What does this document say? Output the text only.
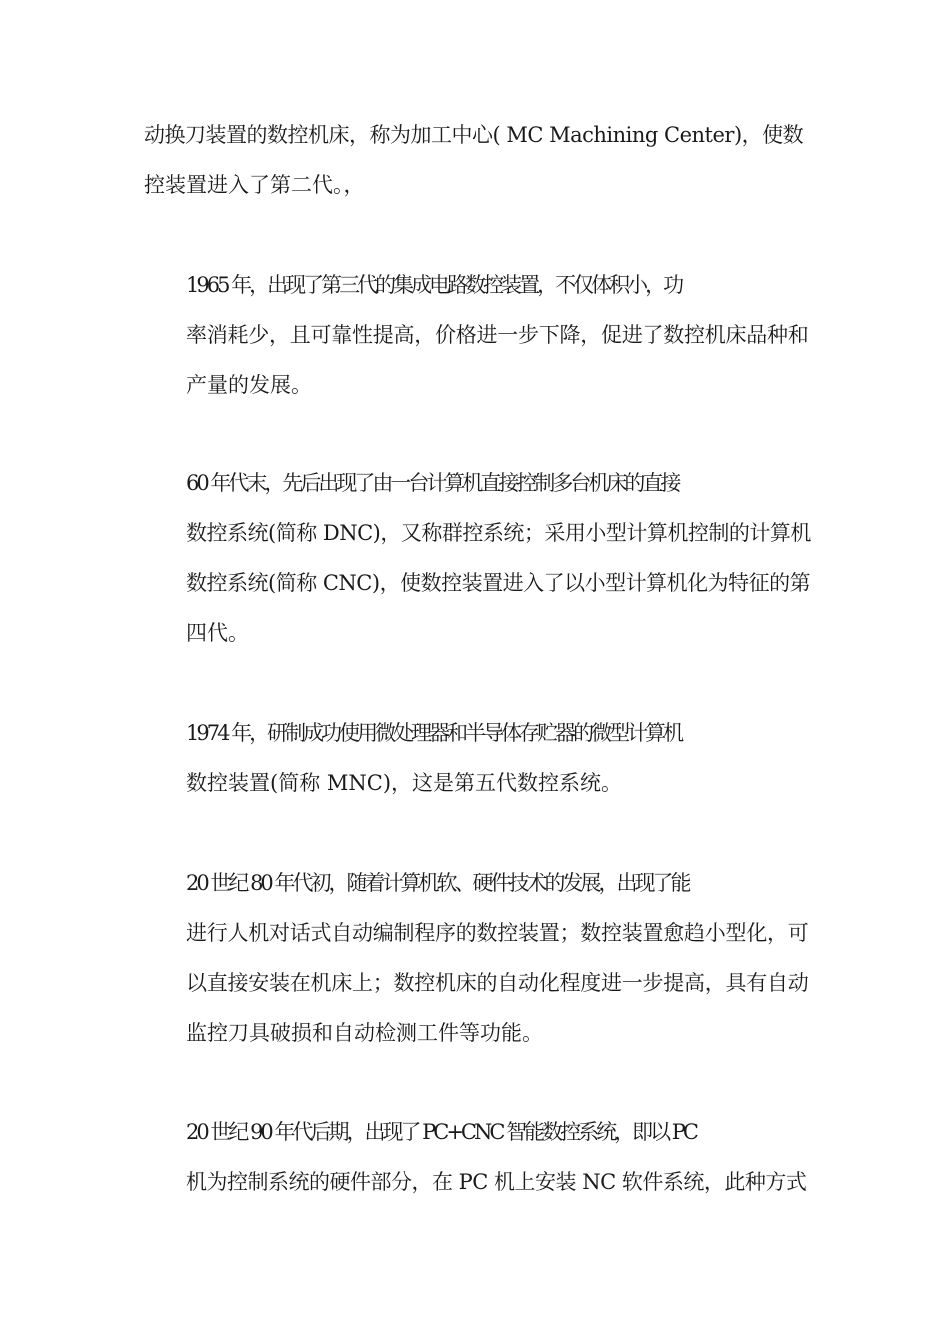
动换刀装置的数控机床，称为加工中心( MC Machining Center)，使数
控装置进入了第二代。，

1965 年，出现了第三代的集成电路数控装置，不仅体积小，功
率消耗少，且可靠性提高，价格进一步下降，促进了数控机床品种和
产量的发展。

60 年代末，先后出现了由一台计算机直接控制多台机床的直接
数控系统(简称 DNC)，又称群控系统；采用小型计算机控制的计算机
数控系统(简称 CNC)，使数控装置进入了以小型计算机化为特征的第
四代。

1974 年，研制成功使用微处理器和半导体存贮器的微型计算机
数控装置(简称 MNC)，这是第五代数控系统。

20 世纪 80 年代初，随着计算机软、硬件技术的发展，出现了能
进行人机对话式自动编制程序的数控装置；数控装置愈趋小型化，可
以直接安装在机床上；数控机床的自动化程度进一步提高，具有自动
监控刀具破损和自动检测工件等功能。

20 世纪 90 年代后期，出现了 PC+CNC 智能数控系统，即以 PC
机为控制系统的硬件部分，在 PC 机上安装 NC 软件系统，此种方式
